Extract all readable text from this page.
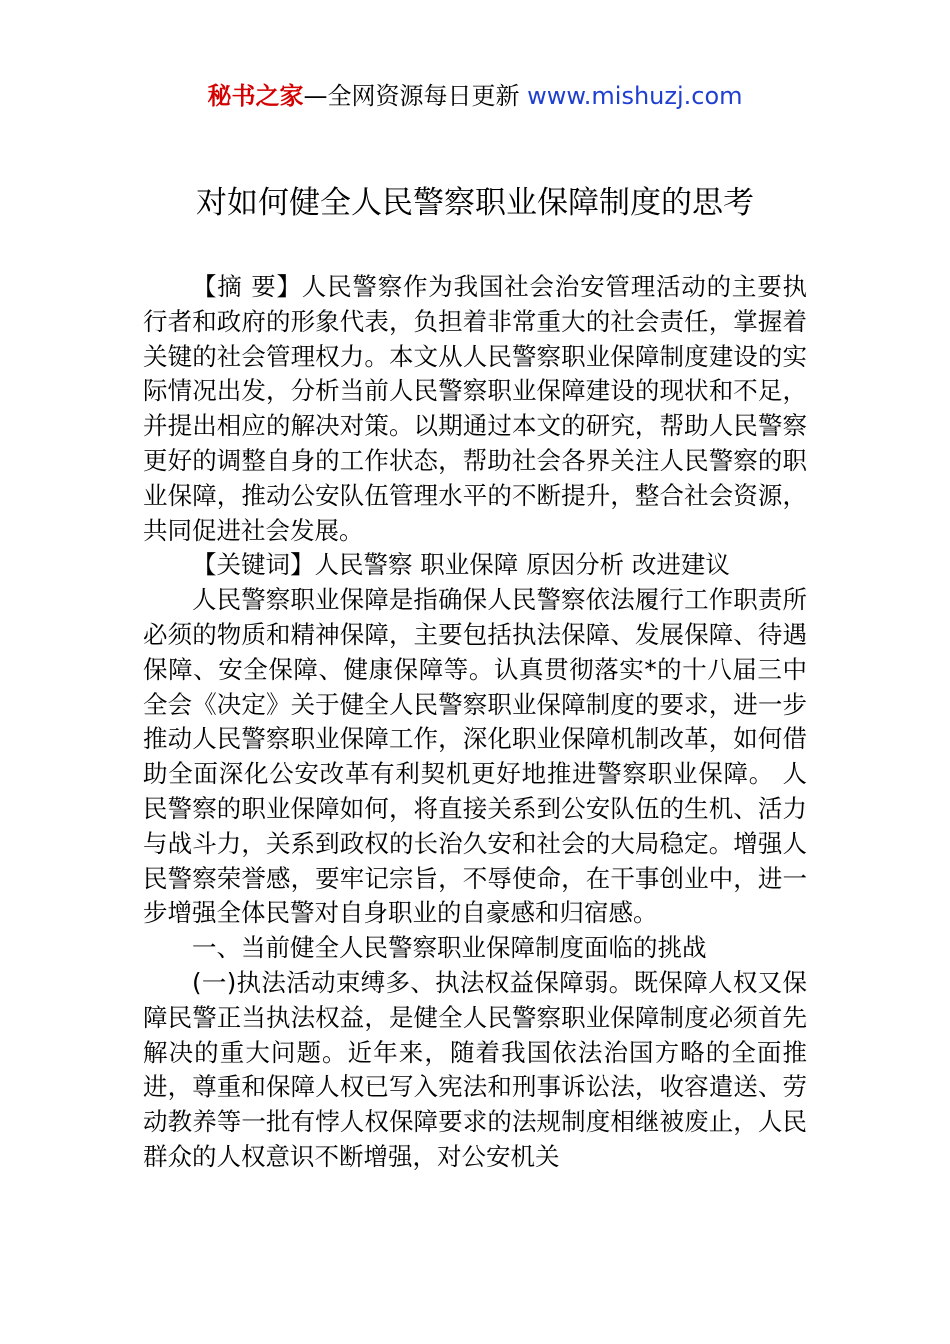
秘书之家—全网资源每日更新 www.mishuzj.com
对如何健全人民警察职业保障制度的思考

【摘 要】人民警察作为我国社会治安管理活动的主要执行者和政府的形象代表，负担着非常重大的社会责任，掌握着关键的社会管理权力。本文从人民警察职业保障制度建设的实际情况出发，分析当前人民警察职业保障建设的现状和不足，并提出相应的解决对策。以期通过本文的研究，帮助人民警察更好的调整自身的工作状态，帮助社会各界关注人民警察的职业保障，推动公安队伍管理水平的不断提升，整合社会资源，共同促进社会发展。

【关键词】人民警察 职业保障 原因分析 改进建议

人民警察职业保障是指确保人民警察依法履行工作职责所必须的物质和精神保障，主要包括执法保障、发展保障、待遇保障、安全保障、健康保障等。认真贯彻落实*的十八届三中全会《决定》关于健全人民警察职业保障制度的要求，进一步推动人民警察职业保障工作，深化职业保障机制改革，如何借助全面深化公安改革有利契机更好地推进警察职业保障。 人民警察的职业保障如何，将直接关系到公安队伍的生机、活力与战斗力，关系到政权的长治久安和社会的大局稳定。增强人民警察荣誉感，要牢记宗旨，不辱使命，在干事创业中，进一步增强全体民警对自身职业的自豪感和归宿感。

一、当前健全人民警察职业保障制度面临的挑战

(一)执法活动束缚多、执法权益保障弱。既保障人权又保障民警正当执法权益，是健全人民警察职业保障制度必须首先解决的重大问题。近年来，随着我国依法治国方略的全面推进，尊重和保障人权已写入宪法和刑事诉讼法，收容遣送、劳动教养等一批有悖人权保障要求的法规制度相继被废止，人民群众的人权意识不断增强，对公安机关
